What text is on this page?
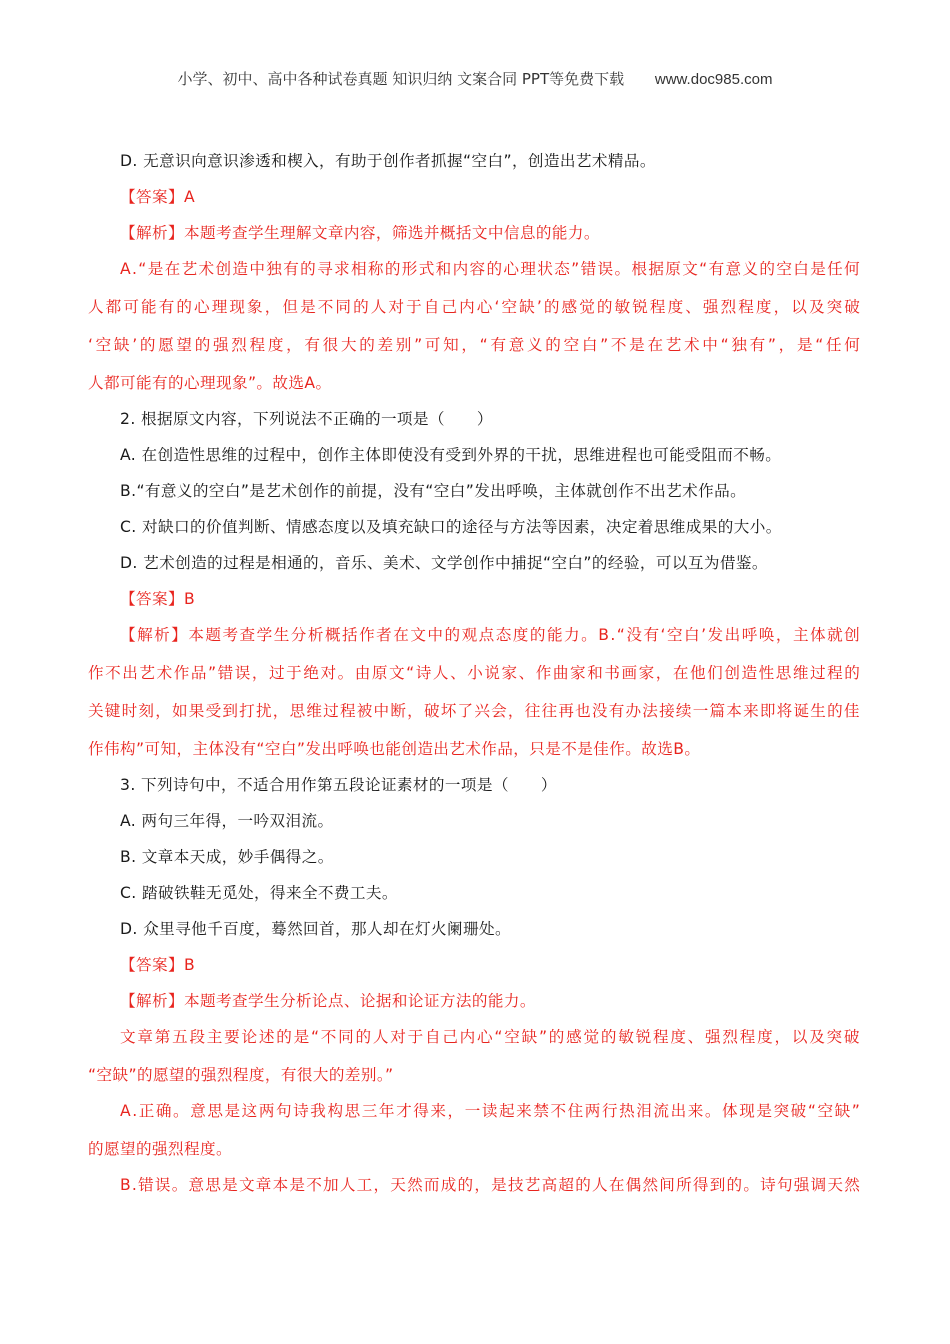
小学、初中、高中各种试卷真题 知识归纳 文案合同 PPT等免费下载 www.doc985.com
D. 无意识向意识渗透和楔入，有助于创作者抓握“空白”，创造出艺术精品。
【答案】A
【解析】本题考查学生理解文章内容，筛选并概括文中信息的能力。
A . “ 是 在 艺 术 创 造 中 独 有 的 寻 求 相 称 的 形 式 和 内 容 的 心 理 状 态 ” 错 误 。 根 据 原 文 “ 有 意 义 的 空 白 是 任 何
人 都 可 能 有 的 心 理 现 象 ， 但 是 不 同 的 人 对 于 自 己 内 心 ‘ 空 缺 ’ 的 感 觉 的 敏 锐 程 度 、 强 烈 程 度 ， 以 及 突 破
‘ 空 缺 ’ 的 愿 望 的 强 烈 程 度 ， 有 很 大 的 差 别 ” 可 知 ， “ 有 意 义 的 空 白 ” 不 是 在 艺 术 中 “ 独 有 ” ， 是 “ 任 何
人都可能有的心理现象”。故选A。
2. 根据原文内容，下列说法不正确的一项是（　　）
A. 在创造性思维的过程中，创作主体即使没有受到外界的干扰，思维进程也可能受阻而不畅。
B.“有意义的空白”是艺术创作的前提，没有“空白”发出呼唤，主体就创作不出艺术作品。
C. 对缺口的价值判断、情感态度以及填充缺口的途径与方法等因素，决定着思维成果的大小。
D. 艺术创造的过程是相通的，音乐、美术、文学创作中捕捉“空白”的经验，可以互为借鉴。
【答案】B
【 解 析 】 本 题 考 查 学 生 分 析 概 括 作 者 在 文 中 的 观 点 态 度 的 能 力 。 B . “ 没 有 ‘ 空 白 ’ 发 出 呼 唤 ， 主 体 就 创
作 不 出 艺 术 作 品 ” 错 误 ， 过 于 绝 对 。 由 原 文 “ 诗 人 、 小 说 家 、 作 曲 家 和 书 画 家 ， 在 他 们 创 造 性 思 维 过 程 的
关 键 时 刻 ， 如 果 受 到 打 扰 ， 思 维 过 程 被 中 断 ， 破 坏 了 兴 会 ， 往 往 再 也 没 有 办 法 接 续 一 篇 本 来 即 将 诞 生 的 佳
作伟构”可知，主体没有“空白”发出呼唤也能创造出艺术作品，只是不是佳作。故选B。
3. 下列诗句中，不适合用作第五段论证素材的一项是（　　）
A. 两句三年得，一吟双泪流。
B. 文章本天成，妙手偶得之。
C. 踏破铁鞋无觅处，得来全不费工夫。
D. 众里寻他千百度，蓦然回首，那人却在灯火阑珊处。
【答案】B
【解析】本题考查学生分析论点、论据和论证方法的能力。
文 章 第 五 段 主 要 论 述 的 是 “ 不 同 的 人 对 于 自 己 内 心 “ 空 缺 ” 的 感 觉 的 敏 锐 程 度 、 强 烈 程 度 ， 以 及 突 破
“空缺”的愿望的强烈程度，有很大的差别。”
A . 正 确 。 意 思 是 这 两 句 诗 我 构 思 三 年 才 得 来 ， 一 读 起 来 禁 不 住 两 行 热 泪 流 出 来 。 体 现 是 突 破 “ 空 缺 ”
的愿望的强烈程度。
B . 错 误 。 意 思 是 文 章 本 是 不 加 人 工 ， 天 然 而 成 的 ， 是 技 艺 高 超 的 人 在 偶 然 间 所 得 到 的 。 诗 句 强 调 天 然
